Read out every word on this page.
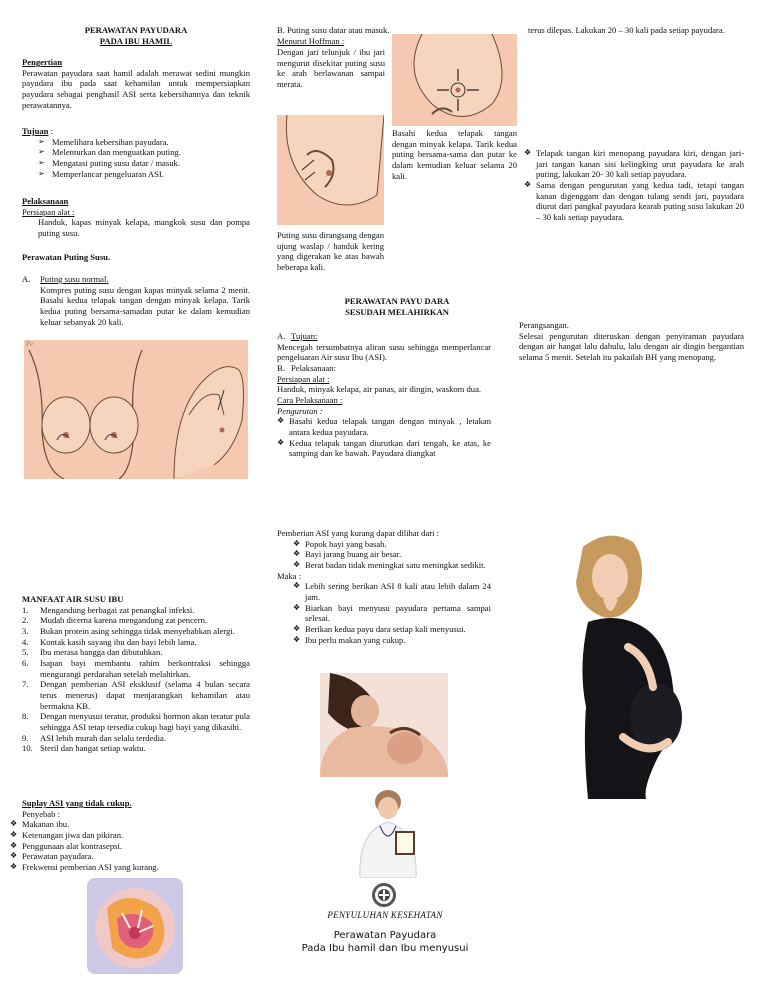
PERAWATAN PAYUDARA
PADA IBU HAMIL

Pengertian

Perawatan payudara saat hamil adalah merawat sedini mungkin payudara ibu pada saat kehamilan untuk mempersiapkan payudara sebagai penghasil ASI serta kebersihannya dan teknik perawatannya.

Tujuan :

➢ Memelihara kebersihan payudara.
➢ Melenturkan dan menguatkan puting.
➢ Mengatasi puting susu datar / masuk.
➢ Memperlancar pengeluaran ASI.

Pelaksanaan

Persiapan alat :

Handuk, kapas minyak kelapa, mangkok susu dan pompa puting susu.

Perawatan Puting Susu.

A. Puting susu normal.

Kompres puting susu dengan kapas minyak selama 2 menit. Basahi kedua telapak tangan dengan minyak kelapa. Tarik kedua puting bersama-samadan putar ke dalam kemudian keluar sebanyak 20 kali.

Pe

MANFAAT AIR SUSU IBU

1. Mengandung berbagai zat penangkal infeksi.
2. Mudah dicerna karena mengandung zat pencern.
3. Bukan protein asing sehingga tidak menyebabkan alergi.
4. Kontak kasih sayang ibu dan bayi lebih lama.
5. Ibu merasa bangga dan dibutuhkan.
6. Isapan bayi membantu rahim berkontraksi sehingga mengurangi perdarahan setelah melahirkan.
7. Dengan pemberian ASI eksklusif (selama 4 bulan secara terus menerus) dapat menjarangkan kehamilan atau bermakna KB.
8. Dengan menyusui teratur, produksi hormon akan teratur pula sehingga ASI tetap tersedia cukup bagi bayi yang dikasihi.
9. ASI lebih murah dan selalu terdedia.
10. Steril dan hangat setiap waktu.

Suplay ASI yang tidak cukup.

Penyebab :

❖ Makanan ibu.
❖ Ketenangan jiwa dan pikiran.
❖ Penggunaan alat kontrasepsi.
❖ Perawatan payudara.
❖ Frekwensi pemberian ASI yang kurang.

B. Puting susu datar atau masuk.

Menurut Hoffman :

Dengan jari telunjuk / ibu jari mengurut disekitar puting susu ke arah berlawanan sampai merata.

Basahi kedua telapak tangan dengan minyak kelapa. Tarik kedua puting bersama-sama dan putar ke dalam kemudian keluar selama 20 kali.

Puting susu dirangsang dengan ujung waslap / handuk kering yang digerakan ke atas bawah beberapa kali.

PERAWATAN PAYU DARA
SESUDAH MELAHIRKAN

A. Tujuan:

Mencegah tersumbatnya aliran susu sehingga memperlancar pengeluaran Air susu Ibu (ASI).

B. Pelaksanaan:

Persiapan alat :

Handuk, minyak kelapa, air panas, air dingin, waskom dua.

Cara Pelaksanaan :

Pengurutan :

❖ Basahi kedua telapak tangan dengan minyak , letakan antara kedua payudara.
❖ Kedua telapak tangan diurutkan dari tengah, ke atas, ke samping dan ke bawah. Payudara diangkat

Pemberian ASI yang kurang dapat dilihat dari :

❖ Popok bayi yang basah.
❖ Bayi jarang buang air besar.
❖ Berat badan tidak meningkat satu meningkat sedikit.

Maka :

❖ Lebih sering berikan ASI 8 kali atau lebih dalam 24 jam.
❖ Biarkan bayi menyusu payudara pertama sampai selesai.
❖ Berikan kedua payu dara setiap kali menyusui.
❖ Ibu perlu makan yang cukup.
PENYULUHAN KESEHATAN
Perawatan Payudara
Pada Ibu hamil dan Ibu menyusui

terus dilepas. Lakukan 20 – 30 kali pada setiap payudara.

❖ Telapak tangan kiri menopang payudara kiri, dengan jari-jari tangan kanan sisi kelingking urut payudara ke arah puting, lakukan 20- 30 kali setiap payudara.
❖ Sama dengan pengurutan yang kedua tadi, tetapi tangan kanan digenggam dan dengan tulang sendi jari, payudara diurut dari pangkal payudara kearah puting susu lakukan 20 – 30 kali setiap payudara.

Perangsangan.

Selesai pengurutan diteruskan dengan penyiraman payudara dengan air hangat lalu dahulu, lalu dengan air dingin bergantian selama 5 menit. Setelah itu pakailah BH yang menopang.
